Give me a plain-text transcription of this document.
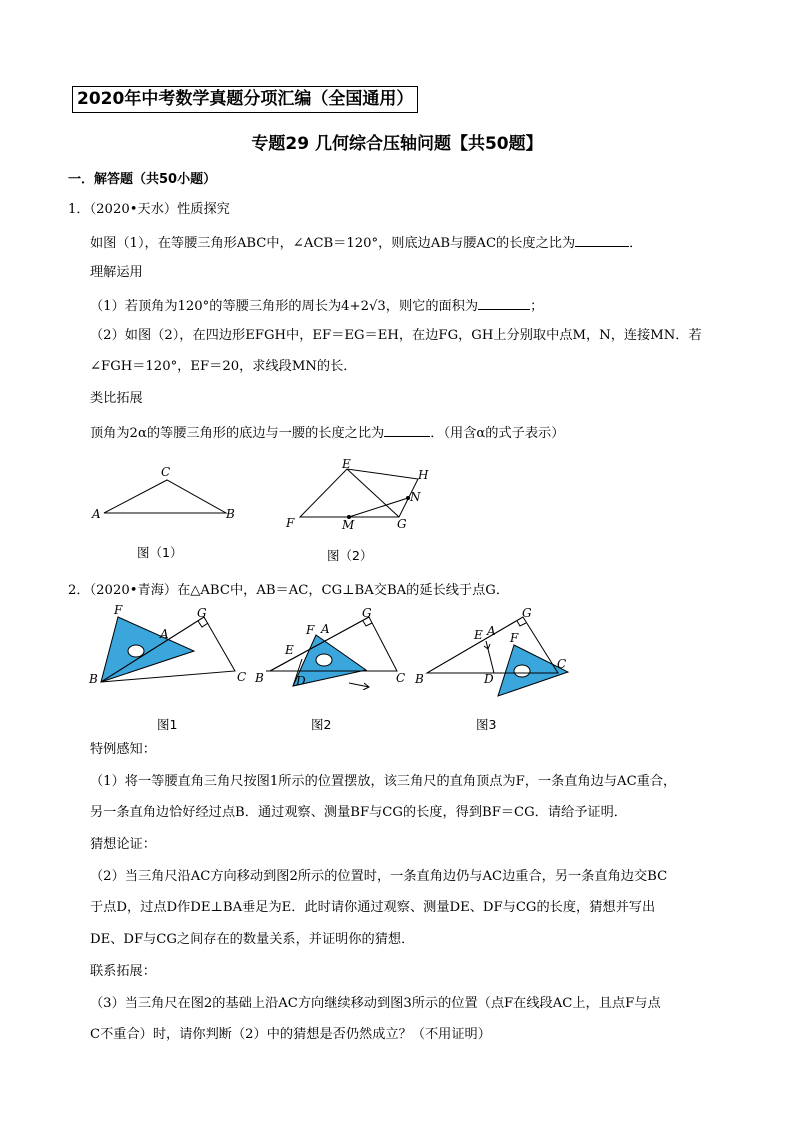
2020年中考数学真题分项汇编（全国通用）
专题29 几何综合压轴问题【共50题】
一．解答题（共50小题）
1．（2020•天水）性质探究
如图（1），在等腰三角形ABC中，∠ACB＝120°，则底边AB与腰AC的长度之比为	．
理解运用
（1）若顶角为120°的等腰三角形的周长为4+2√3，则它的面积为	；
（2）如图（2），在四边形EFGH中，EF＝EG＝EH，在边FG，GH上分别取中点M，N，连接MN．若
∠FGH＝120°，EF＝20，求线段MN的长．
类比拓展
顶角为2α的等腰三角形的底边与一腰的长度之比为	．（用含α的式子表示）
C
A	B
图（1）
E
H
N
F	M	G
图（2）
2．（2020•青海）在△ABC中，AB＝AC，CG⊥BA交BA的延长线于点G．
F	G
A
B	C
图1
G
F A
E
B	D	C
图2
G
E A F
B	D
C
图3
特例感知：
（1）将一等腰直角三角尺按图1所示的位置摆放，该三角尺的直角顶点为F，一条直角边与AC重合，
另一条直角边恰好经过点B．通过观察、测量BF与CG的长度，得到BF＝CG．请给予证明．
猜想论证：
（2）当三角尺沿AC方向移动到图2所示的位置时，一条直角边仍与AC边重合，另一条直角边交BC
于点D，过点D作DE⊥BA垂足为E．此时请你通过观察、测量DE、DF与CG的长度，猜想并写出
DE、DF与CG之间存在的数量关系，并证明你的猜想．
联系拓展：
（3）当三角尺在图2的基础上沿AC方向继续移动到图3所示的位置（点F在线段AC上，且点F与点
C不重合）时，请你判断（2）中的猜想是否仍然成立？（不用证明）
